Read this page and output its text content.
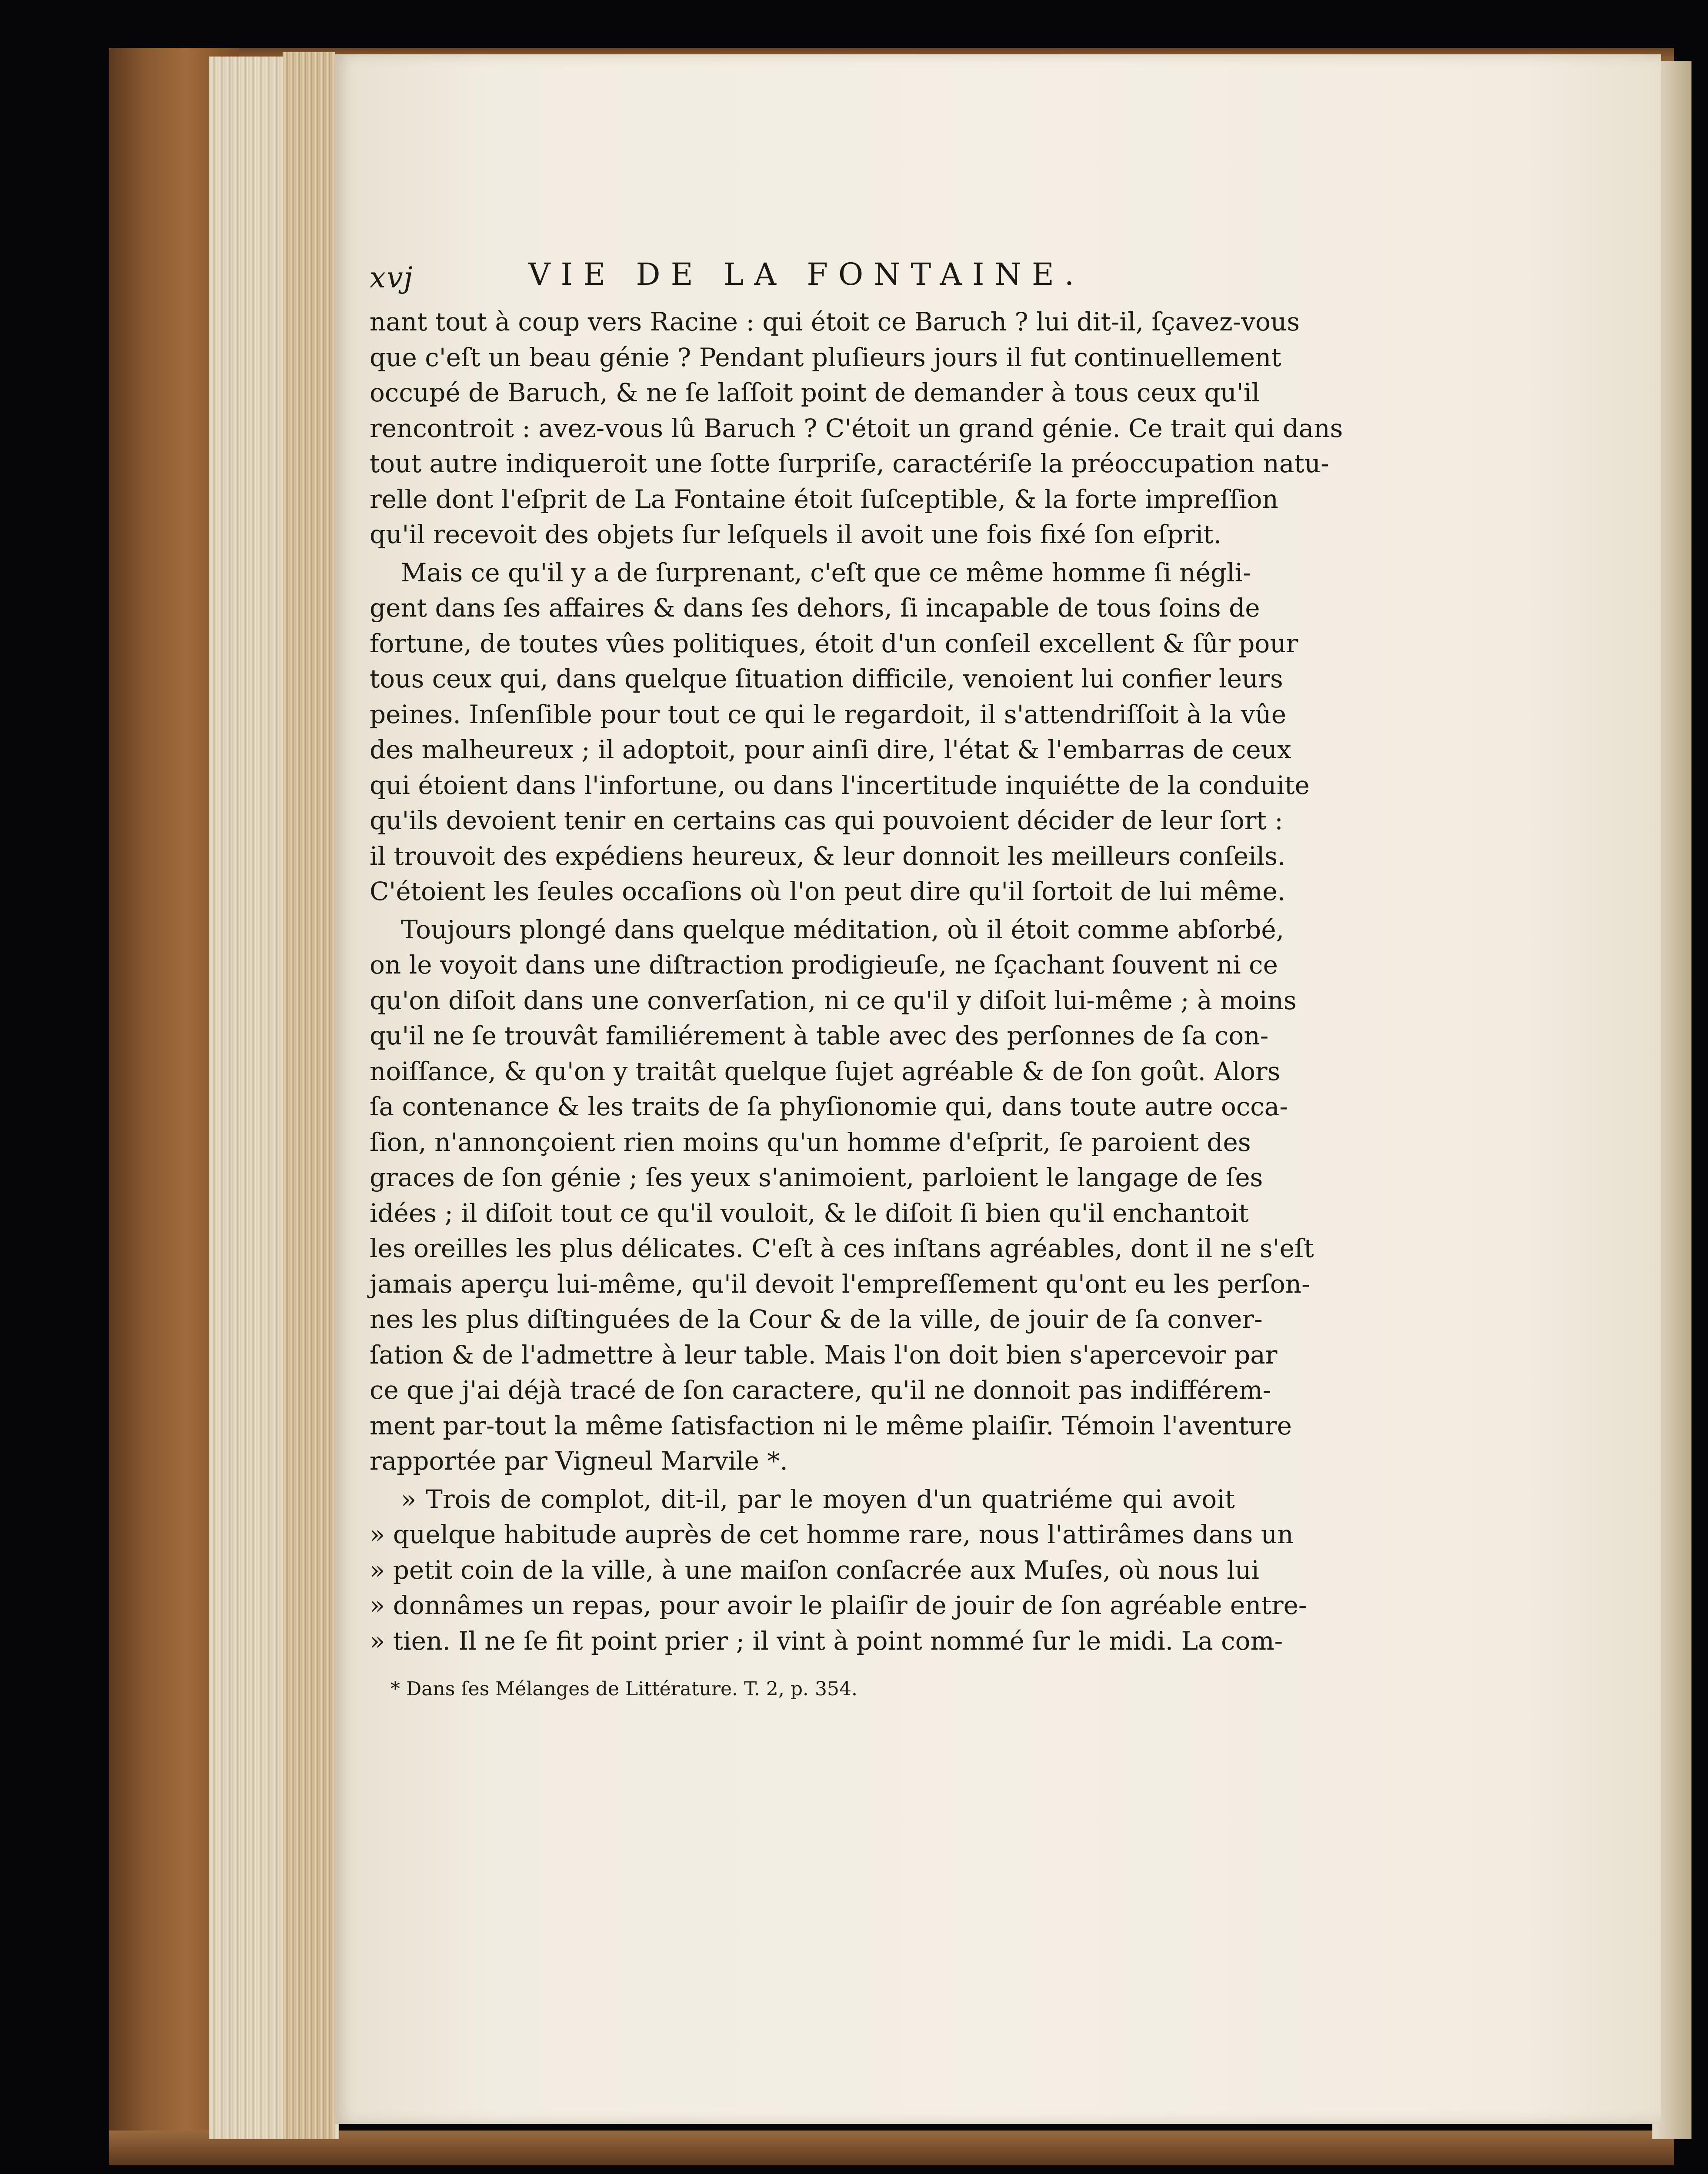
xvj	VIE DE LA FONTAINE.
nant tout à coup vers Racine : qui étoit ce Baruch ? lui dit-il, ſçavez-vous
que c'eſt un beau génie ? Pendant pluſieurs jours il fut continuellement
occupé de Baruch, & ne ſe laſſoit point de demander à tous ceux qu'il
rencontroit : avez-vous lû Baruch ? C'étoit un grand génie. Ce trait qui dans
tout autre indiqueroit une ſotte ſurpriſe, caractériſe la préoccupation natu-
relle dont l'eſprit de La Fontaine étoit ſuſceptible, & la forte impreſſion
qu'il recevoit des objets ſur leſquels il avoit une fois fixé ſon eſprit.
Mais ce qu'il y a de ſurprenant, c'eſt que ce même homme ſi négli-
gent dans ſes affaires & dans ſes dehors, ſi incapable de tous ſoins de
fortune, de toutes vûes politiques, étoit d'un conſeil excellent & ſûr pour
tous ceux qui, dans quelque ſituation difficile, venoient lui confier leurs
peines. Inſenſible pour tout ce qui le regardoit, il s'attendriſſoit à la vûe
des malheureux ; il adoptoit, pour ainſi dire, l'état & l'embarras de ceux
qui étoient dans l'infortune, ou dans l'incertitude inquiétte de la conduite
qu'ils devoient tenir en certains cas qui pouvoient décider de leur ſort :
il trouvoit des expédiens heureux, & leur donnoit les meilleurs conſeils.
C'étoient les ſeules occaſions où l'on peut dire qu'il ſortoit de lui même.
Toujours plongé dans quelque méditation, où il étoit comme abſorbé,
on le voyoit dans une diſtraction prodigieuſe, ne ſçachant ſouvent ni ce
qu'on diſoit dans une converſation, ni ce qu'il y diſoit lui-même ; à moins
qu'il ne ſe trouvât familiérement à table avec des perſonnes de ſa con-
noiſſance, & qu'on y traitât quelque ſujet agréable & de ſon goût. Alors
ſa contenance & les traits de ſa phyſionomie qui, dans toute autre occa-
ſion, n'annonçoient rien moins qu'un homme d'eſprit, ſe paroient des
graces de ſon génie ; ſes yeux s'animoient, parloient le langage de ſes
idées ; il diſoit tout ce qu'il vouloit, & le diſoit ſi bien qu'il enchantoit
les oreilles les plus délicates. C'eſt à ces inſtans agréables, dont il ne s'eſt
jamais aperçu lui-même, qu'il devoit l'empreſſement qu'ont eu les perſon-
nes les plus diſtinguées de la Cour & de la ville, de jouir de ſa conver-
ſation & de l'admettre à leur table. Mais l'on doit bien s'apercevoir par
ce que j'ai déjà tracé de ſon caractere, qu'il ne donnoit pas indifférem-
ment par-tout la même ſatisfaction ni le même plaiſir. Témoin l'aventure
rapportée par Vigneul Marvile *.
» Trois de complot, dit-il, par le moyen d'un quatriéme qui avoit
» quelque habitude auprès de cet homme rare, nous l'attirâmes dans un
» petit coin de la ville, à une maiſon conſacrée aux Muſes, où nous lui
» donnâmes un repas, pour avoir le plaiſir de jouir de ſon agréable entre-
» tien. Il ne ſe fit point prier ; il vint à point nommé ſur le midi. La com-
* Dans ſes Mélanges de Littérature. T. 2, p. 354.
